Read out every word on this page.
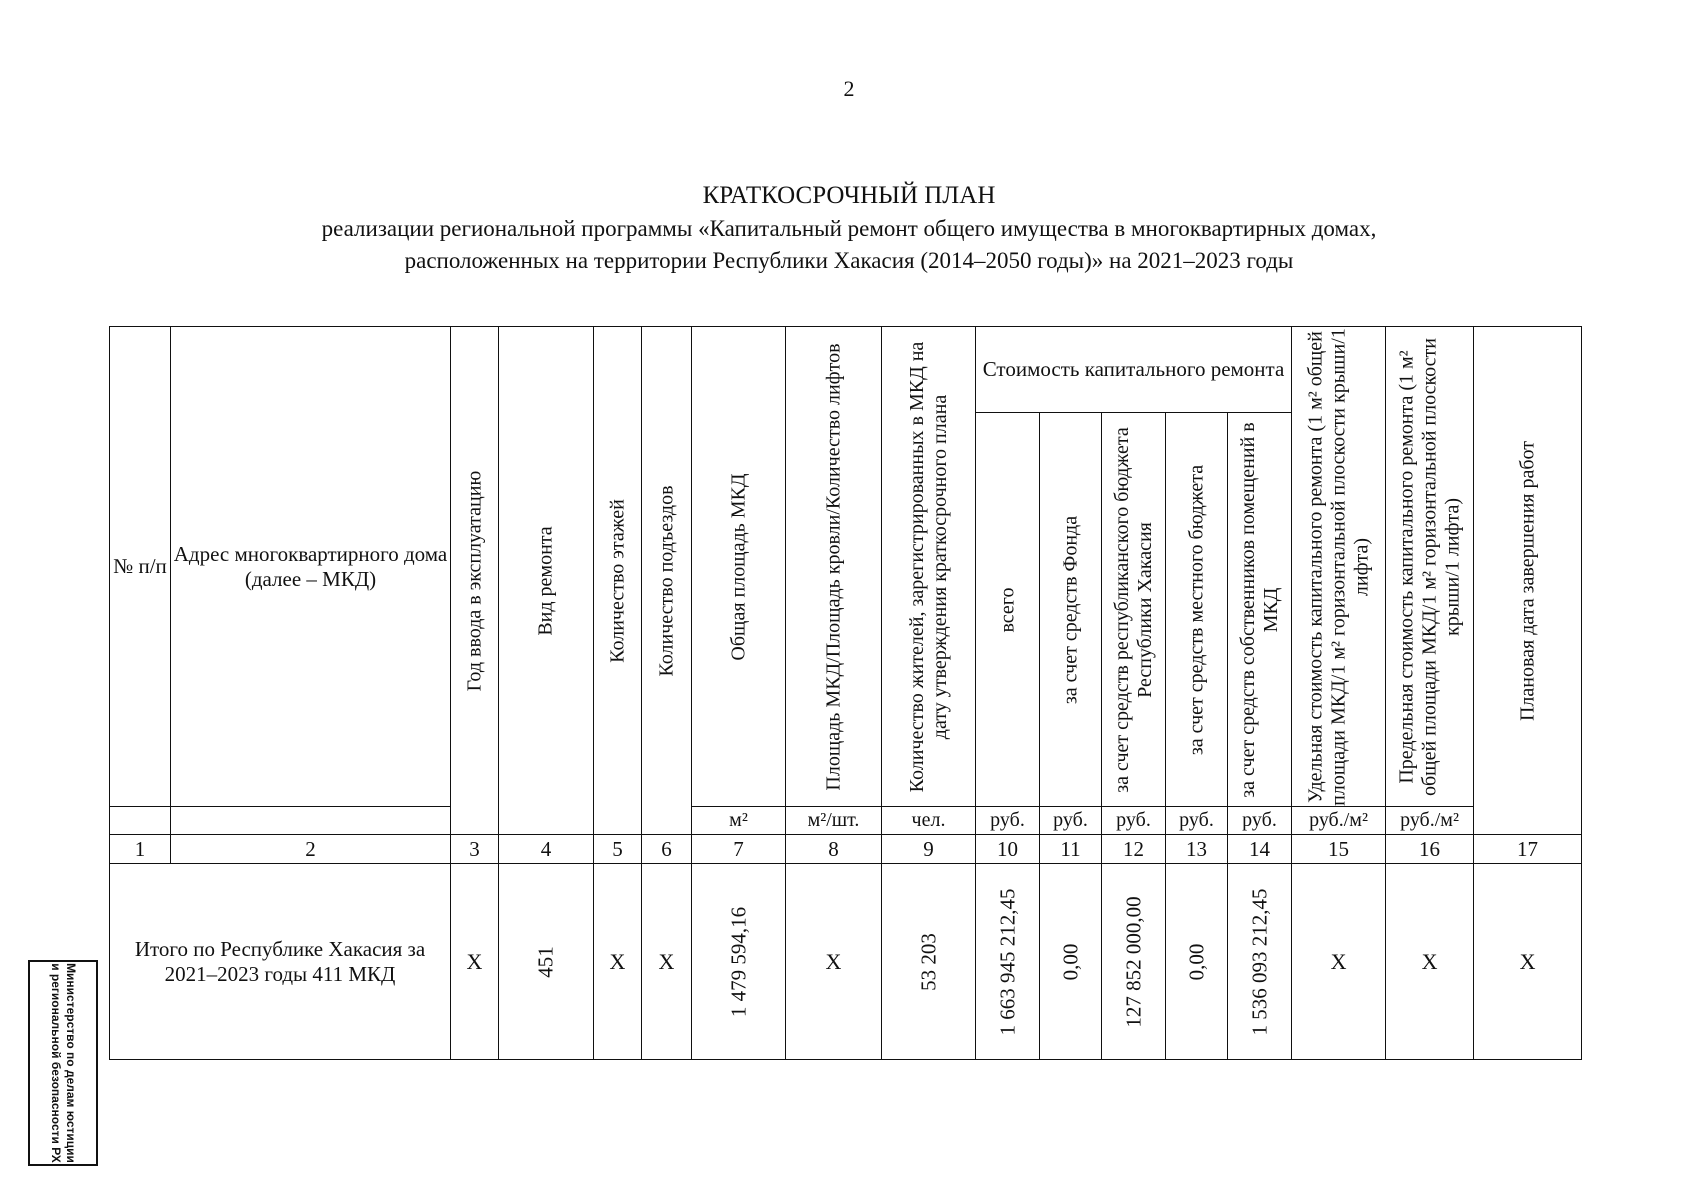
2
КРАТКОСРОЧНЫЙ ПЛАН
реализации региональной программы «Капитальный ремонт общего имущества в многоквартирных домах,
расположенных на территории Республики Хакасия (2014–2050 годы)» на 2021–2023 годы
№ п/п	Адрес многоквартирного дома (далее – МКД)	Год ввода в эксплуатацию	Вид ремонта	Количество этажей	Количество подъездов	Общая площадь МКД	Площадь МКД/Площадь кровли/Количество лифтов	Количество жителей, зарегистрированных в МКД на дату утверждения краткосрочного плана	Стоимость капитального ремонта					Удельная стоимость капитального ремонта (1 м² общей площади МКД/1 м² горизонтальной плоскости крыши/1 лифта)	Предельная стоимость капитального ремонта (1 м² общей площади МКД/1 м² горизонтальной плоскости крыши/1 лифта)	Плановая дата завершения работ

									всего	за счет средств Фонда	за счет средств республиканского бюджета Республики Хакасия	за счет средств местного бюджета	за счет средств собственников помещений в МКД			

						м²	м²/шт.	чел.	руб.	руб.	руб.	руб.	руб.	руб./м²	руб./м²	
1	2	3	4	5	6	7	8	9	10	11	12	13	14	15	16	17
Итого по Республике Хакасия за 2021–2023 годы 411 МКД		Х	451	Х	Х	1 479 594,16	Х	53 203	1 663 945 212,45	0,00	127 852 000,00	0,00	1 536 093 212,45	Х	Х	Х
Министерство по делам юстиции и региональной безопасности РХ
